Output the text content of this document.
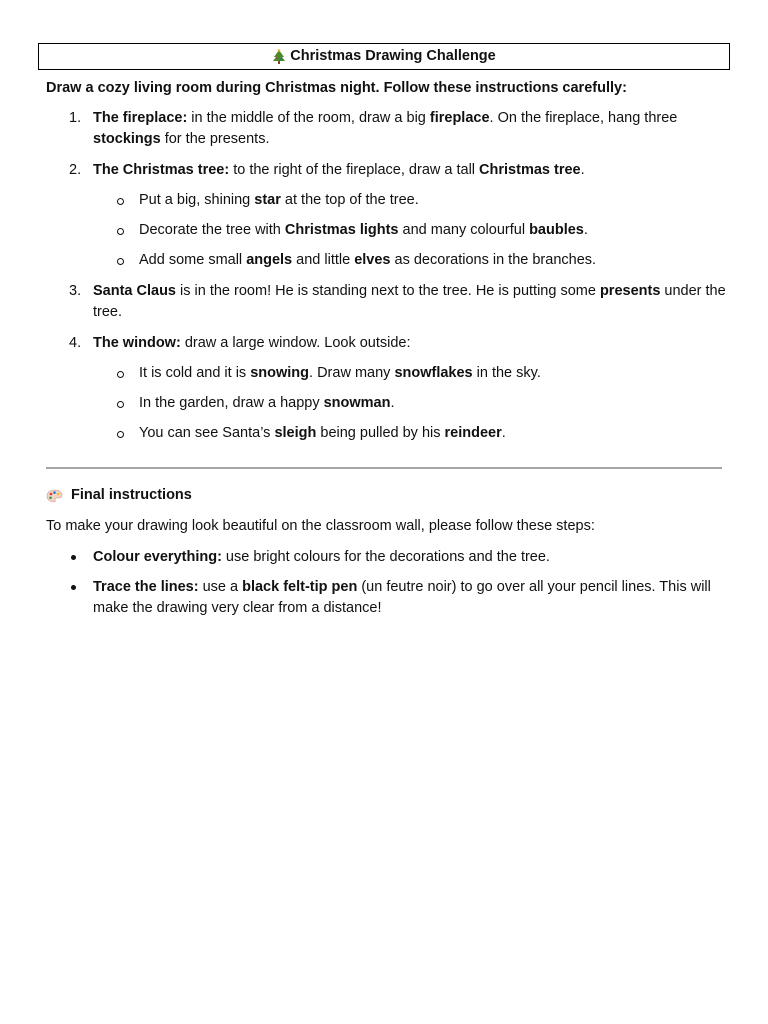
Christmas Drawing Challenge
Draw a cozy living room during Christmas night. Follow these instructions carefully:
1. The fireplace: in the middle of the room, draw a big fireplace. On the fireplace, hang three stockings for the presents.
2. The Christmas tree: to the right of the fireplace, draw a tall Christmas tree.
Put a big, shining star at the top of the tree.
Decorate the tree with Christmas lights and many colourful baubles.
Add some small angels and little elves as decorations in the branches.
3. Santa Claus is in the room! He is standing next to the tree. He is putting some presents under the tree.
4. The window: draw a large window. Look outside:
It is cold and it is snowing. Draw many snowflakes in the sky.
In the garden, draw a happy snowman.
You can see Santa’s sleigh being pulled by his reindeer.
Final instructions
To make your drawing look beautiful on the classroom wall, please follow these steps:
Colour everything: use bright colours for the decorations and the tree.
Trace the lines: use a black felt-tip pen (un feutre noir) to go over all your pencil lines. This will make the drawing very clear from a distance!
